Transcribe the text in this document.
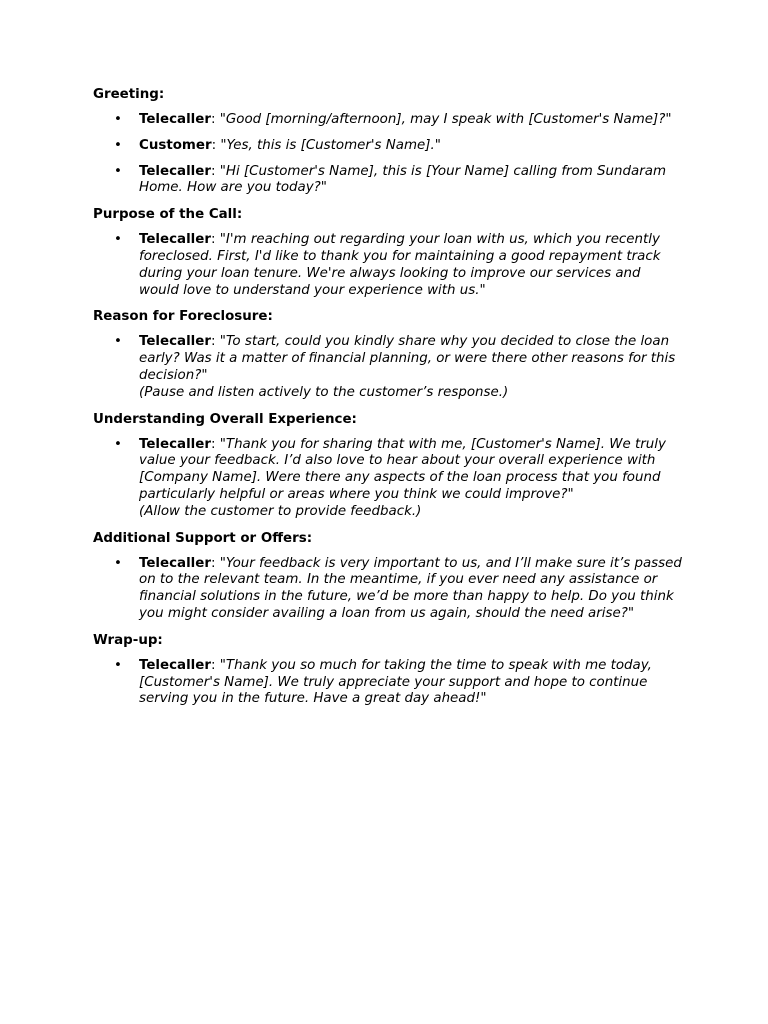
Greeting:
• Telecaller: "Good [morning/afternoon], may I speak with [Customer's Name]?"
• Customer: "Yes, this is [Customer's Name]."
• Telecaller: "Hi [Customer's Name], this is [Your Name] calling from Sundaram Home. How are you today?"
Purpose of the Call:
• Telecaller: "I'm reaching out regarding your loan with us, which you recently foreclosed. First, I'd like to thank you for maintaining a good repayment track during your loan tenure. We're always looking to improve our services and would love to understand your experience with us."
Reason for Foreclosure:
• Telecaller: "To start, could you kindly share why you decided to close the loan early? Was it a matter of financial planning, or were there other reasons for this decision?"
(Pause and listen actively to the customer’s response.)
Understanding Overall Experience:
• Telecaller: "Thank you for sharing that with me, [Customer's Name]. We truly value your feedback. I’d also love to hear about your overall experience with [Company Name]. Were there any aspects of the loan process that you found particularly helpful or areas where you think we could improve?"
(Allow the customer to provide feedback.)
Additional Support or Offers:
• Telecaller: "Your feedback is very important to us, and I’ll make sure it’s passed on to the relevant team. In the meantime, if you ever need any assistance or financial solutions in the future, we’d be more than happy to help. Do you think you might consider availing a loan from us again, should the need arise?"
Wrap-up:
• Telecaller: "Thank you so much for taking the time to speak with me today, [Customer's Name]. We truly appreciate your support and hope to continue serving you in the future. Have a great day ahead!"
